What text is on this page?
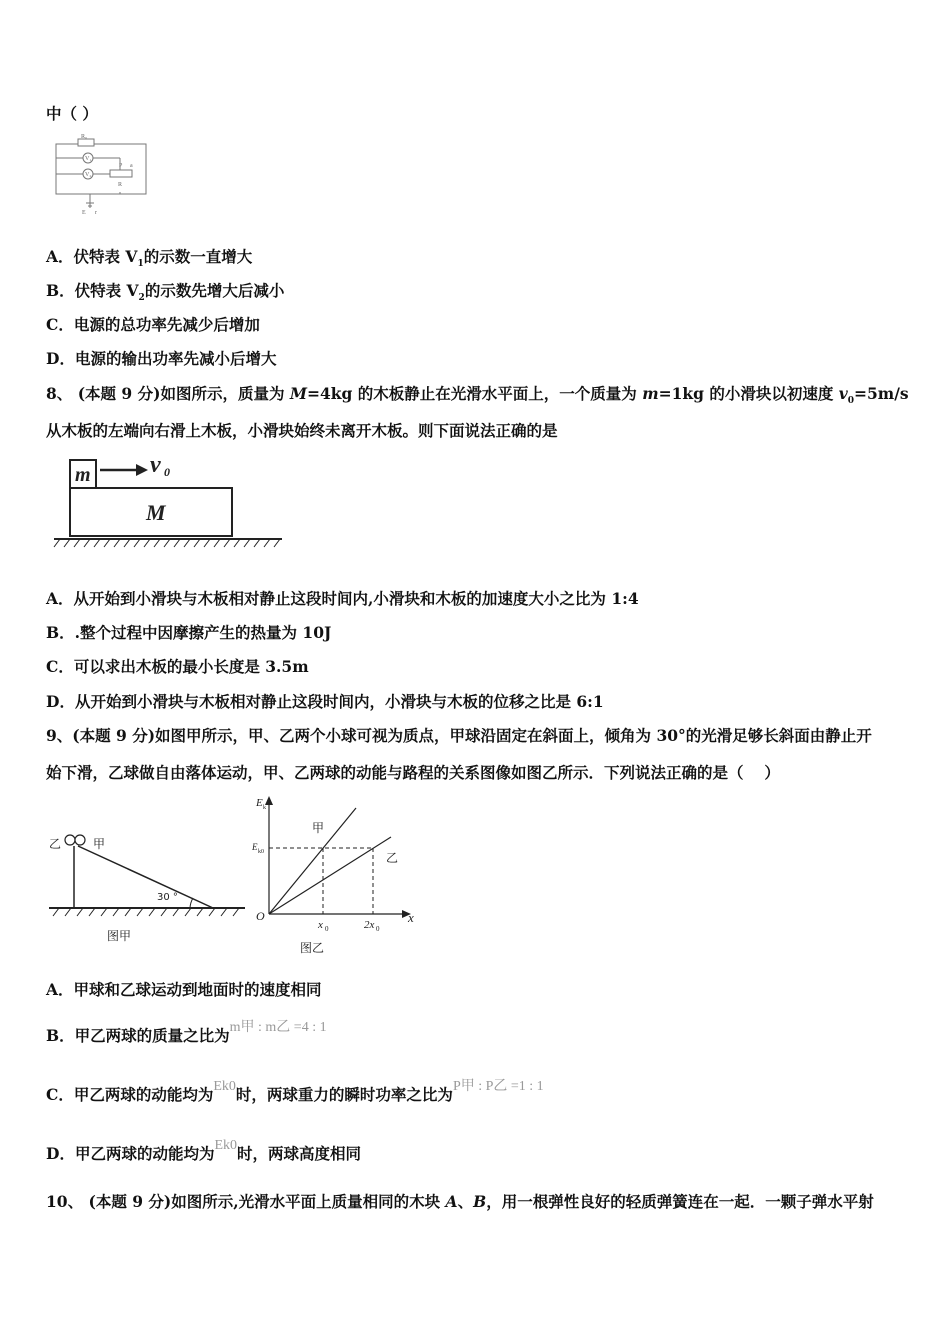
中（ ）
R₀
V₁
V₂
P
R
a
E r
A．伏特表 $V_1$的示数一直增大
B．伏特表 $V_2$的示数先增大后减小
C．电源的总功率先减少后增加
D．电源的输出功率先减小后增大
8、 (本题 9 分)如图所示，质量为 M=4kg 的木板静止在光滑水平面上，一个质量为 m=1kg 的小滑块以初速度 $v_0=5m/s$
从木板的左端向右滑上木板，小滑块始终未离开木板。则下面说法正确的是
m
M
v 0
A．从开始到小滑块与木板相对静止这段时间内,小滑块和木板的加速度大小之比为 1:4
B．.整个过程中因摩擦产生的热量为 10J
C．可以求出木板的最小长度是 3.5m
D．从开始到小滑块与木板相对静止这段时间内，小滑块与木板的位移之比是 6:1
9、(本题 9 分)如图甲所示，甲、乙两个小球可视为质点，甲球沿固定在斜面上，倾角为 30°的光滑足够长斜面由静止开
始下滑，乙球做自由落体运动，甲、乙两球的动能与路程的关系图像如图乙所示．下列说法正确的是（　 ）
乙	甲
30 °
图甲
E k
O	x
E k0
x 0	2x 0
甲
乙
图乙
A．甲球和乙球运动到地面时的速度相同
B．甲乙两球的质量之比为m甲 : m乙 =4 : 1
C．甲乙两球的动能均为Ek0时，两球重力的瞬时功率之比为P甲 : P乙 =1 : 1
D．甲乙两球的动能均为Ek0时，两球高度相同
10、 (本题 9 分)如图所示,光滑水平面上质量相同的木块 A、B，用一根弹性良好的轻质弹簧连在一起．一颗子弹水平射
